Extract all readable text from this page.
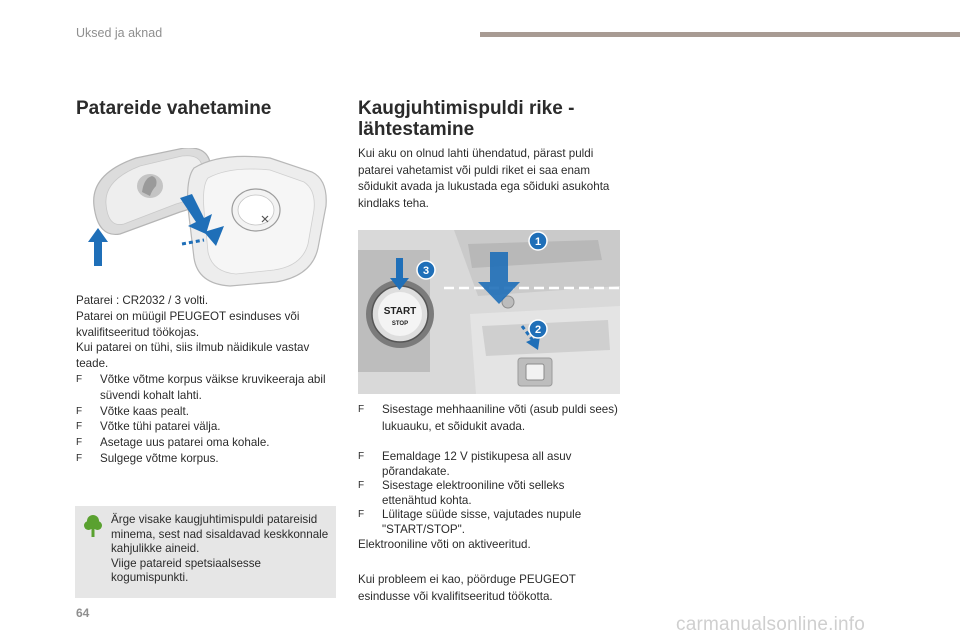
Uksed ja aknad
Patareide vahetamine
Patarei : CR2032 / 3 volti.
Patarei on müügil PEUGEOT esinduses või kvalifitseeritud töökojas.
Kui patarei on tühi, siis ilmub näidikule vastav teade.
F	Võtke võtme korpus väikse kruvikeeraja abil süvendi kohalt lahti.
F	Võtke kaas pealt.
F	Võtke tühi patarei välja.
F	Asetage uus patarei oma kohale.
F	Sulgege võtme korpus.
Ärge visake kaugjuhtimispuldi patareisid minema, sest nad sisaldavad keskkonnale kahjulikke aineid.
Viige patareid spetsiaalsesse kogumispunkti.
Kaugjuhtimispuldi rike - lähtestamine
Kui aku on olnud lahti ühendatud, pärast puldi patarei vahetamist või puldi riket ei saa enam sõidukit avada ja lukustada ega sõiduki asukohta kindlaks teha.
START
STOP
1
2
3
F	Sisestage mehhaaniline võti (asub puldi sees) lukuauku, et sõidukit avada.
F	Eemaldage 12 V pistikupesa all asuv põrandakate.
F	Sisestage elektrooniline võti selleks ettenähtud kohta.
F	Lülitage süüde sisse, vajutades nupule "START/STOP".
Elektrooniline võti on aktiveeritud.
Kui probleem ei kao, pöörduge PEUGEOT esindusse või kvalifitseeritud töökotta.
64
carmanualsonline.info
